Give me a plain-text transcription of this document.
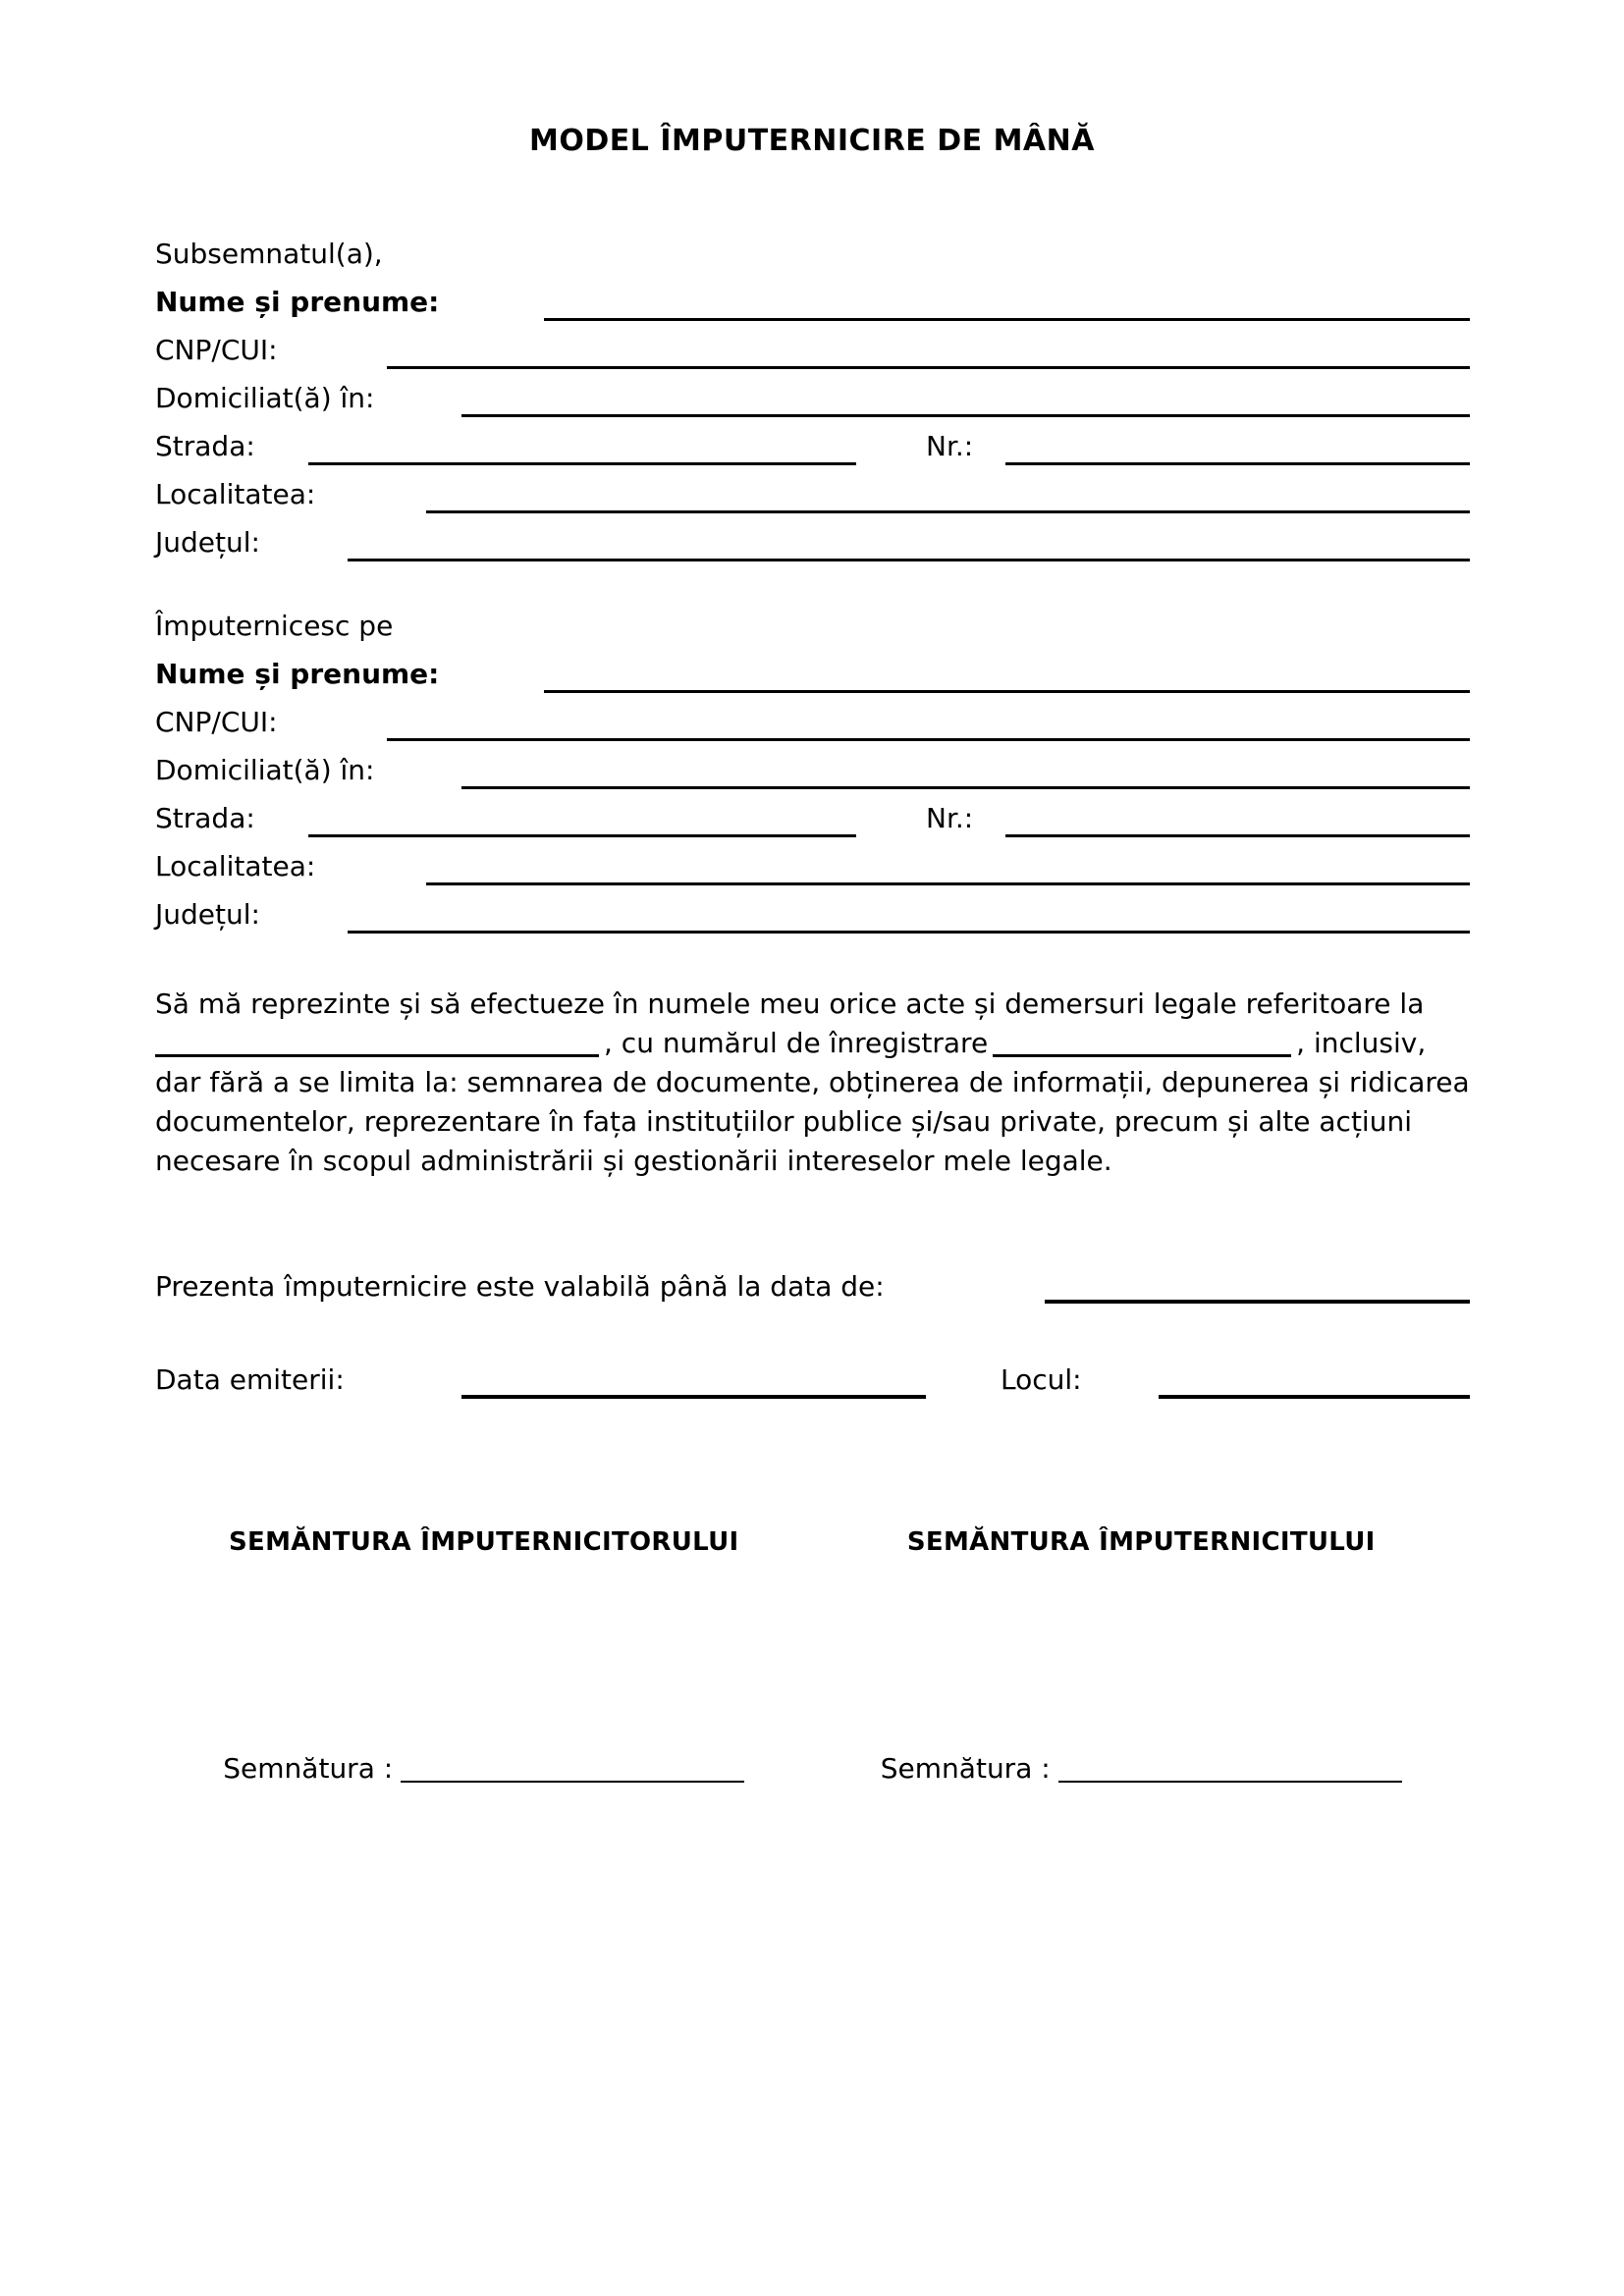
MODEL ÎMPUTERNICIRE DE MÂNĂ
Subsemnatul(a),
Nume și prenume:
CNP/CUI:
Domiciliat(ă) în:
Strada:	Nr.:
Localitatea:
Județul:
Împuternicesc pe
Nume și prenume:
CNP/CUI:
Domiciliat(ă) în:
Strada:	Nr.:
Localitatea:
Județul:
Să mă reprezinte și să efectueze în numele meu orice acte și demersuri legale referitoare la
, cu numărul de înregistrare	, inclusiv,
dar fără a se limita la: semnarea de documente, obținerea de informații, depunerea și ridicarea
documentelor, reprezentare în fața instituțiilor publice și/sau private, precum și alte acțiuni
necesare în scopul administrării și gestionării intereselor mele legale.
Prezenta împuternicire este valabilă până la data de:
Data emiterii:	Locul:
SEMĂNTURA ÎMPUTERNICITORULUI	SEMĂNTURA ÎMPUTERNICITULUI
Semnătura :	Semnătura :
